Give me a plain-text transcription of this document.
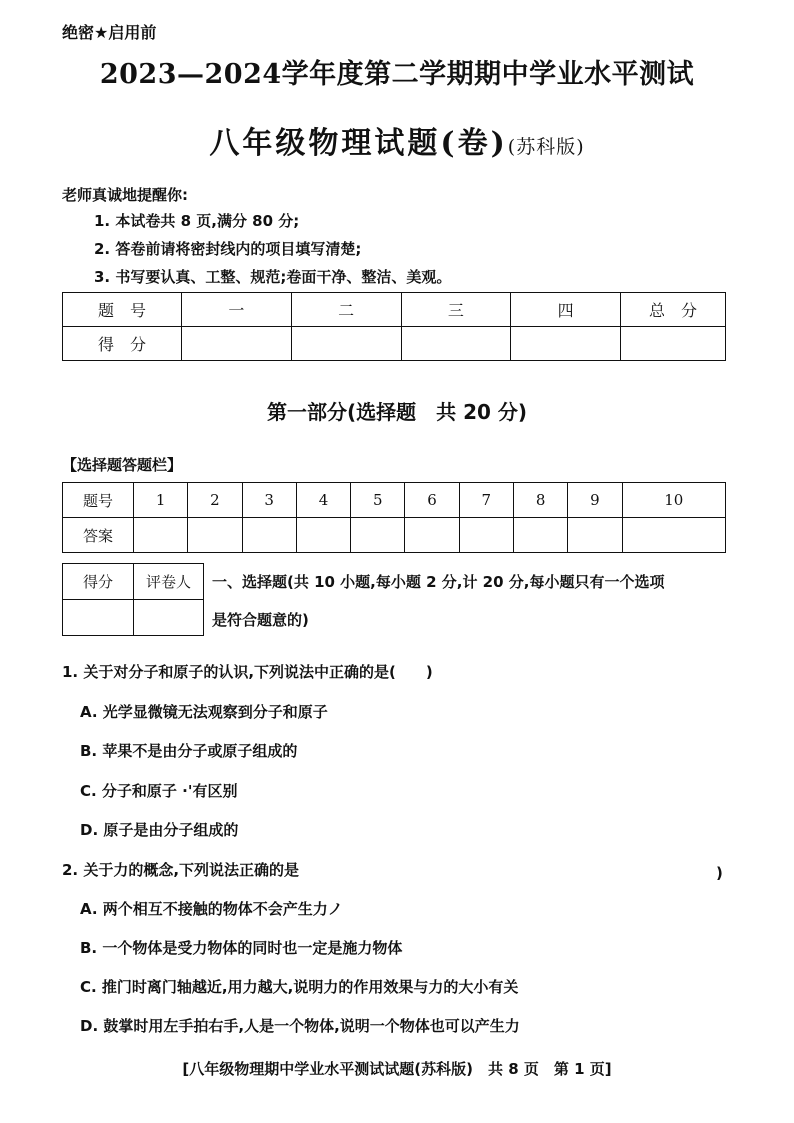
绝密★启用前
2023—2024学年度第二学期期中学业水平测试
八年级物理试题(卷)(苏科版)
老师真诚地提醒你:
1. 本试卷共 8 页,满分 80 分;
2. 答卷前请将密封线内的项目填写清楚;
3. 书写要认真、工整、规范;卷面干净、整洁、美观。
题　号	一	二	三	四	总　分
得　分					
第一部分(选择题　共 20 分)
【选择题答题栏】
题号	1	2	3	4	5	6	7	8	9	10
答案										
得分	评卷人
	一、选择题(共 10 小题,每小题 2 分,计 20 分,每小题只有一个选项
是符合题意的)
1. 关于对分子和原子的认识,下列说法中正确的是(　　)
A. 光学显微镜无法观察到分子和原子
B. 苹果不是由分子或原子组成的
C. 分子和原子 ·'有区别
D. 原子是由分子组成的
2. 关于力的概念,下列说法正确的是	)
A. 两个相互不接触的物体不会产生力ノ
B. 一个物体是受力物体的同时也一定是施力物体
C. 推门时离门轴越近,用力越大,说明力的作用效果与力的大小有关
D. 鼓掌时用左手拍右手,人是一个物体,说明一个物体也可以产生力
[八年级物理期中学业水平测试试题(苏科版)　共 8 页　第 1 页]
